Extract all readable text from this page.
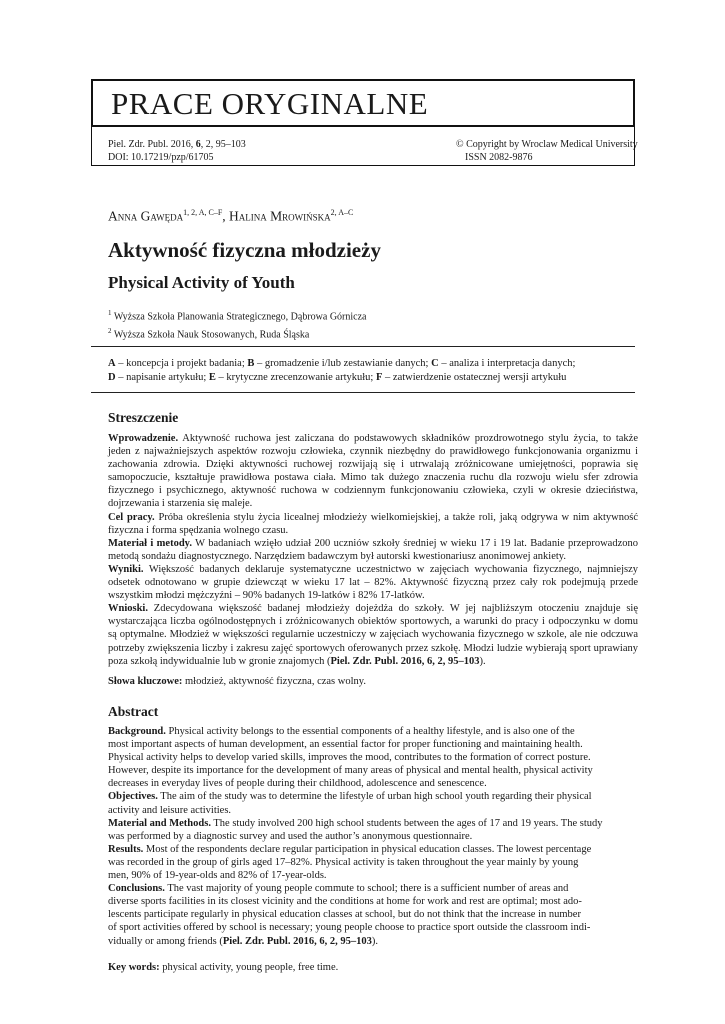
PRACE ORYGINALNE
Piel. Zdr. Publ. 2016, 6, 2, 95–103
DOI: 10.17219/pzp/61705
© Copyright by Wroclaw Medical University
ISSN 2082-9876
Anna Gawęda$^{1, 2, A, C-F}$, Halina Mrowińska$^{2, A-C}$
Aktywność fizyczna młodzieży
Physical Activity of Youth
$^1$ Wyższa Szkoła Planowania Strategicznego, Dąbrowa Górnicza
$^2$ Wyższa Szkoła Nauk Stosowanych, Ruda Śląska
A – koncepcja i projekt badania; B – gromadzenie i/lub zestawianie danych; C – analiza i interpretacja danych;
D – napisanie artykułu; E – krytyczne zrecenzowanie artykułu; F – zatwierdzenie ostatecznej wersji artykułu
Streszczenie

Wprowadzenie. Aktywność ruchowa jest zaliczana do podstawowych składników prozdrowotnego stylu życia, to także jeden z najważniejszych aspektów rozwoju człowieka, czynnik niezbędny do prawidłowego funkcjonowania organizmu i zachowania zdrowia. Dzięki aktywności ruchowej rozwijają się i utrwalają zróżnicowane umiejętności, poprawia się samopoczucie, kształtuje prawidłowa postawa ciała. Mimo tak dużego znaczenia ruchu dla rozwoju wielu sfer zdrowia fizycznego i psychicznego, aktywność ruchowa w codziennym funkcjonowaniu człowieka, czyli w okresie dzieciństwa, dojrzewania i starzenia się maleje.

Cel pracy. Próba określenia stylu życia licealnej młodzieży wielkomiejskiej, a także roli, jaką odgrywa w nim aktywność fizyczna i forma spędzania wolnego czasu.

Materiał i metody. W badaniach wzięło udział 200 uczniów szkoły średniej w wieku 17 i 19 lat. Badanie przeprowadzono metodą sondażu diagnostycznego. Narzędziem badawczym był autorski kwestionariusz anonimowej ankiety.

Wyniki. Większość badanych deklaruje systematyczne uczestnictwo w zajęciach wychowania fizycznego, najmniejszy odsetek odnotowano w grupie dziewcząt w wieku 17 lat – 82%. Aktywność fizyczną przez cały rok podejmują przede wszystkim młodzi mężczyźni – 90% badanych 19-latków i 82% 17-latków.

Wnioski. Zdecydowana większość badanej młodzieży dojeżdża do szkoły. W jej najbliższym otoczeniu znajduje się wystarczająca liczba ogólnodostępnych i zróżnicowanych obiektów sportowych, a warunki do pracy i odpoczynku w domu są optymalne. Młodzież w większości regularnie uczestniczy w zajęciach wychowania fizycznego w szkole, ale nie odczuwa potrzeby zwiększenia liczby i zakresu zajęć sportowych oferowanych przez szkołę. Młodzi ludzie wybierają sport uprawiany poza szkołą indywidualnie lub w gronie znajomych (Piel. Zdr. Publ. 2016, 6, 2, 95–103).

Słowa kluczowe: młodzież, aktywność fizyczna, czas wolny.
Abstract
Background. Physical activity belongs to the essential components of a healthy lifestyle, and is also one of the
most important aspects of human development, an essential factor for proper functioning and maintaining health.
Physical activity helps to develop varied skills, improves the mood, contributes to the formation of correct posture.
However, despite its importance for the development of many areas of physical and mental health, physical activity
decreases in everyday lives of people during their childhood, adolescence and senescence.
Objectives. The aim of the study was to determine the lifestyle of urban high school youth regarding their physical
activity and leisure activities.
Material and Methods. The study involved 200 high school students between the ages of 17 and 19 years. The study
was performed by a diagnostic survey and used the author’s anonymous questionnaire.
Results. Most of the respondents declare regular participation in physical education classes. The lowest percentage
was recorded in the group of girls aged 17–82%. Physical activity is taken throughout the year mainly by young
men, 90% of 19-year-olds and 82% of 17-year-olds.
Conclusions. The vast majority of young people commute to school; there is a sufficient number of areas and
diverse sports facilities in its closest vicinity and the conditions at home for work and rest are optimal; most ado-
lescents participate regularly in physical education classes at school, but do not think that the increase in number
of sport activities offered by school is necessary; young people choose to practice sport outside the classroom indi-
vidually or among friends (Piel. Zdr. Publ. 2016, 6, 2, 95–103).
Key words: physical activity, young people, free time.
